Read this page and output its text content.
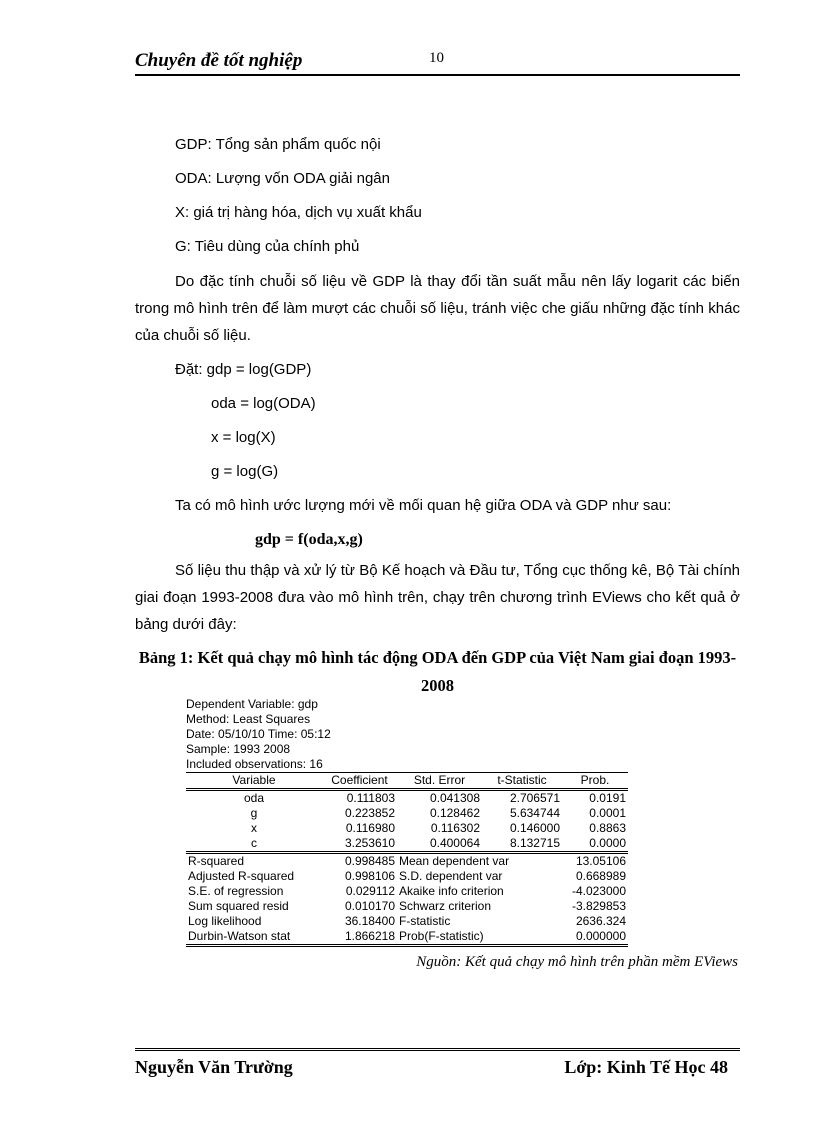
Chuyên đề tốt nghiệp	10

GDP: Tổng sản phẩm quốc nội

ODA: Lượng vốn ODA giải ngân

X: giá trị hàng hóa, dịch vụ xuất khẩu

G: Tiêu dùng của chính phủ

Do đặc tính chuỗi số liệu về GDP là thay đổi tần suất mẫu nên lấy logarit các biến trong mô hình trên để làm mượt các chuỗi số liệu, tránh việc che giấu những đặc tính khác của chuỗi số liệu.

Đặt: gdp = log(GDP)

oda = log(ODA)

x = log(X)

g = log(G)

Ta có mô hình ước lượng mới về mối quan hệ giữa ODA và GDP như sau:

gdp = f(oda,x,g)

Số liệu thu thập và xử lý từ Bộ Kế hoạch và Đầu tư, Tổng cục thống kê, Bộ Tài chính giai đoạn 1993-2008 đưa vào mô hình trên, chạy trên chương trình EViews cho kết quả ở bảng dưới đây:

Bảng 1: Kết quả chạy mô hình tác động ODA đến GDP của Việt Nam giai đoạn 1993-2008
Dependent Variable: gdp
Method: Least Squares
Date: 05/10/10 Time: 05:12
Sample: 1993 2008
Included observations: 16
Variable	Coefficient	Std. Error	t-Statistic	Prob.
oda	0.111803	0.041308	2.706571	0.0191
g	0.223852	0.128462	5.634744	0.0001
x	0.116980	0.116302	0.146000	0.8863
c	3.253610	0.400064	8.132715	0.0000
R-squared	0.998485	Mean dependent var	13.05106
Adjusted R-squared	0.998106	S.D. dependent var	0.668989
S.E. of regression	0.029112	Akaike info criterion	-4.023000
Sum squared resid	0.010170	Schwarz criterion	-3.829853
Log likelihood	36.18400	F-statistic	2636.324
Durbin-Watson stat	1.866218	Prob(F-statistic)	0.000000
Nguồn: Kết quả chạy mô hình trên phần mềm EViews
Nguyễn Văn Trường	Lớp: Kinh Tế Học 48
